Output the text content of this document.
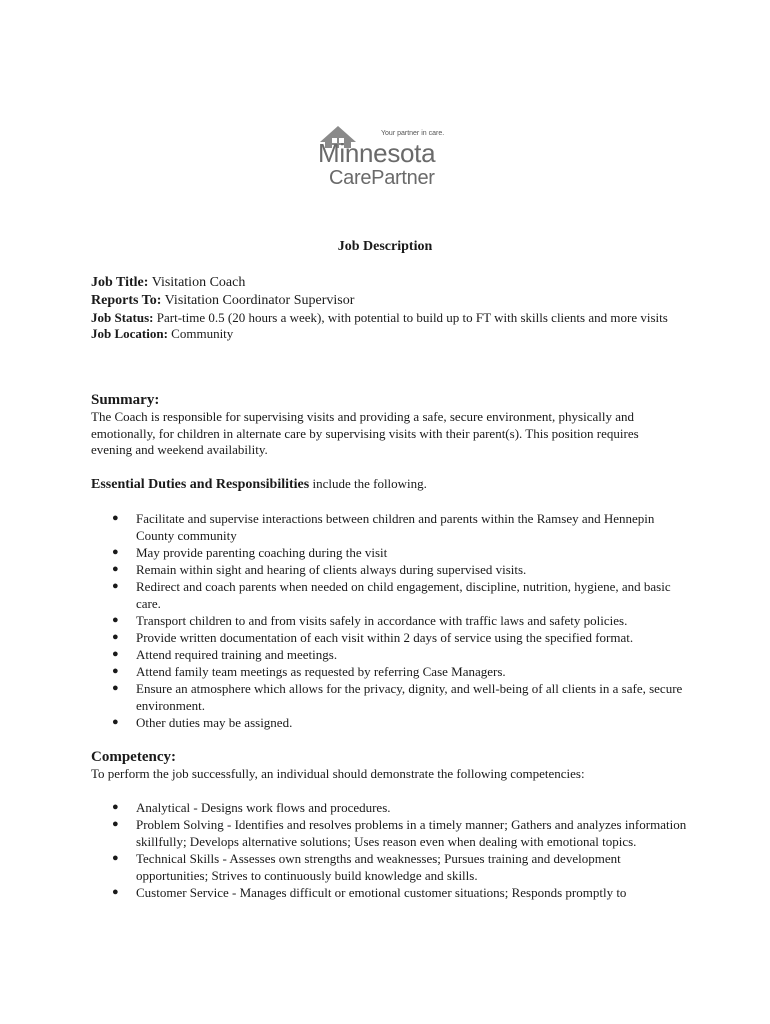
Your partner in care.
Minnesota
CarePartner
Job Description
Job Title: Visitation Coach
Reports To: Visitation Coordinator Supervisor
Job Status: Part-time 0.5 (20 hours a week), with potential to build up to FT with skills clients and more visits
Job Location: Community
Summary:
The Coach is responsible for supervising visits and providing a safe, secure environment, physically and emotionally, for children in alternate care by supervising visits with their parent(s). This position requires evening and weekend availability.
Essential Duties and Responsibilities include the following.
● Facilitate and supervise interactions between children and parents within the Ramsey and Hennepin County community
● May provide parenting coaching during the visit
● Remain within sight and hearing of clients always during supervised visits.
● Redirect and coach parents when needed on child engagement, discipline, nutrition, hygiene, and basic care.
● Transport children to and from visits safely in accordance with traffic laws and safety policies.
● Provide written documentation of each visit within 2 days of service using the specified format.
● Attend required training and meetings.
● Attend family team meetings as requested by referring Case Managers.
● Ensure an atmosphere which allows for the privacy, dignity, and well-being of all clients in a safe, secure environment.
● Other duties may be assigned.
Competency:
To perform the job successfully, an individual should demonstrate the following competencies:
● Analytical - Designs work flows and procedures.
● Problem Solving - Identifies and resolves problems in a timely manner; Gathers and analyzes information skillfully; Develops alternative solutions; Uses reason even when dealing with emotional topics.
● Technical Skills - Assesses own strengths and weaknesses; Pursues training and development opportunities; Strives to continuously build knowledge and skills.
● Customer Service - Manages difficult or emotional customer situations; Responds promptly to
